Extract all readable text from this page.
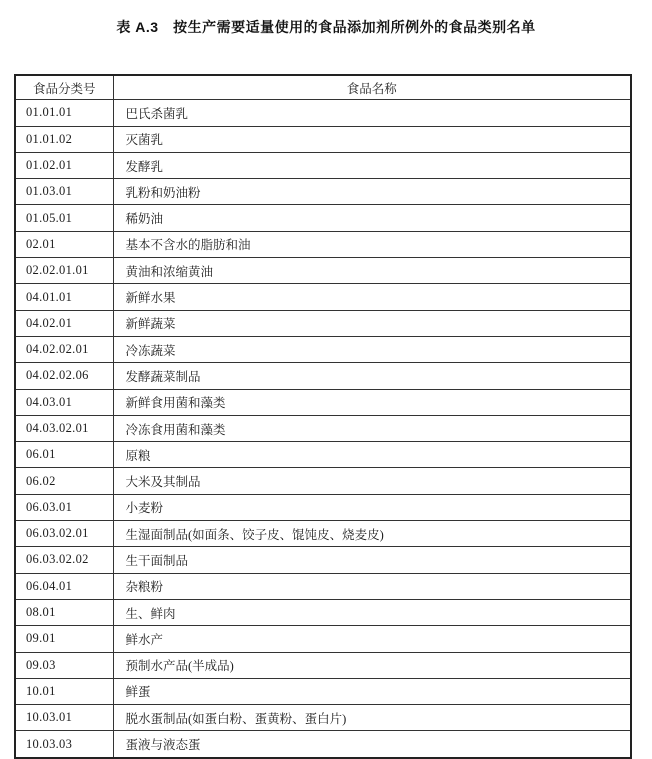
表 A.3　按生产需要适量使用的食品添加剂所例外的食品类别名单
食品分类号	食品名称
01.01.01	巴氏杀菌乳
01.01.02	灭菌乳
01.02.01	发酵乳
01.03.01	乳粉和奶油粉
01.05.01	稀奶油
02.01	基本不含水的脂肪和油
02.02.01.01	黄油和浓缩黄油
04.01.01	新鲜水果
04.02.01	新鲜蔬菜
04.02.02.01	冷冻蔬菜
04.02.02.06	发酵蔬菜制品
04.03.01	新鲜食用菌和藻类
04.03.02.01	冷冻食用菌和藻类
06.01	原粮
06.02	大米及其制品
06.03.01	小麦粉
06.03.02.01	生湿面制品(如面条、饺子皮、馄饨皮、烧麦皮)
06.03.02.02	生干面制品
06.04.01	杂粮粉
08.01	生、鲜肉
09.01	鲜水产
09.03	预制水产品(半成品)
10.01	鲜蛋
10.03.01	脱水蛋制品(如蛋白粉、蛋黄粉、蛋白片)
10.03.03	蛋液与液态蛋
